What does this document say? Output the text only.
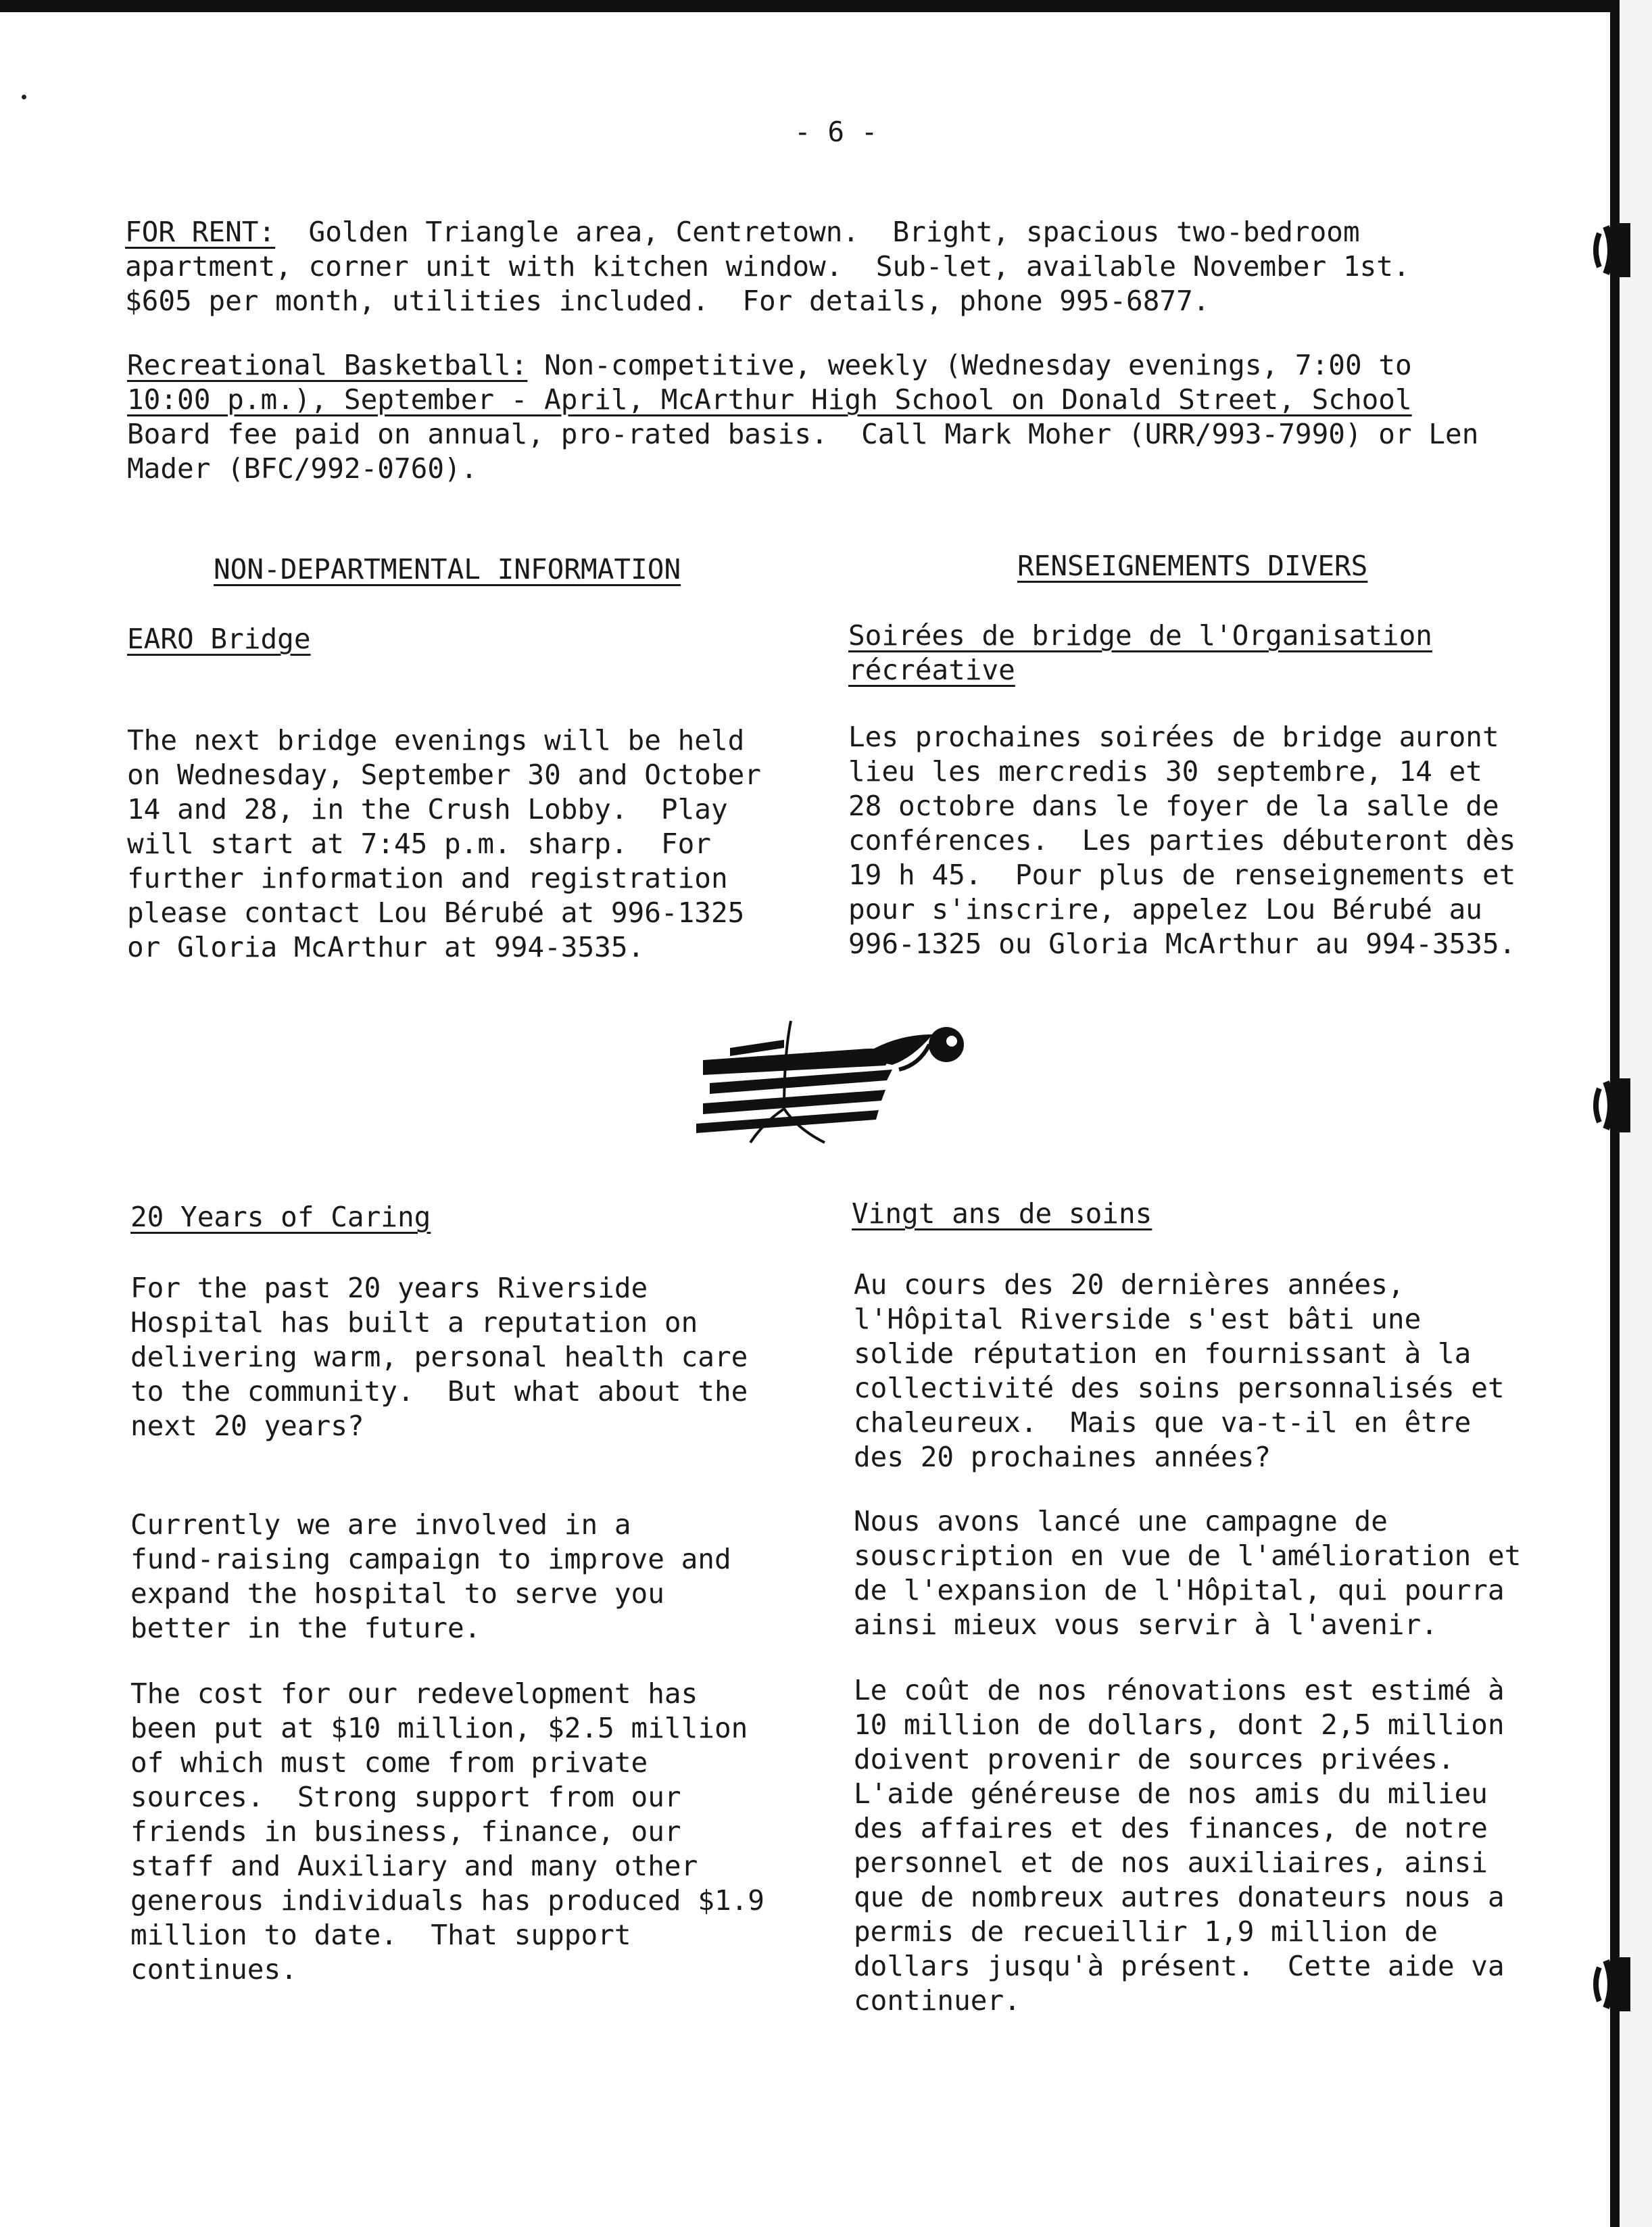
- 6 -
FOR RENT: Golden Triangle area, Centretown.  Bright, spacious two-bedroom
apartment, corner unit with kitchen window.  Sub-let, available November 1st.
$605 per month, utilities included.  For details, phone 995-6877.
Recreational Basketball: Non-competitive, weekly (Wednesday evenings, 7:00 to
10:00 p.m.), September - April, McArthur High School on Donald Street, School
Board fee paid on annual, pro-rated basis.  Call Mark Moher (URR/993-7990) or Len
Mader (BFC/992-0760).
NON-DEPARTMENTAL INFORMATION	RENSEIGNEMENTS DIVERS
EARO Bridge
The next bridge evenings will be held
on Wednesday, September 30 and October
14 and 28, in the Crush Lobby.  Play
will start at 7:45 p.m. sharp.  For
further information and registration
please contact Lou Bérubé at 996-1325
or Gloria McArthur at 994-3535.
Soirées de bridge de l'Organisation
récréative
Les prochaines soirées de bridge auront
lieu les mercredis 30 septembre, 14 et
28 octobre dans le foyer de la salle de
conférences.  Les parties débuteront dès
19 h 45.  Pour plus de renseignements et
pour s'inscrire, appelez Lou Bérubé au
996-1325 ou Gloria McArthur au 994-3535.
20 Years of Caring
For the past 20 years Riverside
Hospital has built a reputation on
delivering warm, personal health care
to the community.  But what about the
next 20 years?
Currently we are involved in a
fund-raising campaign to improve and
expand the hospital to serve you
better in the future.
The cost for our redevelopment has
been put at $10 million, $2.5 million
of which must come from private
sources.  Strong support from our
friends in business, finance, our
staff and Auxiliary and many other
generous individuals has produced $1.9
million to date.  That support
continues.
Vingt ans de soins
Au cours des 20 dernières années,
l'Hôpital Riverside s'est bâti une
solide réputation en fournissant à la
collectivité des soins personnalisés et
chaleureux.  Mais que va-t-il en être
des 20 prochaines années?
Nous avons lancé une campagne de
souscription en vue de l'amélioration et
de l'expansion de l'Hôpital, qui pourra
ainsi mieux vous servir à l'avenir.
Le coût de nos rénovations est estimé à
10 million de dollars, dont 2,5 million
doivent provenir de sources privées.
L'aide généreuse de nos amis du milieu
des affaires et des finances, de notre
personnel et de nos auxiliaires, ainsi
que de nombreux autres donateurs nous a
permis de recueillir 1,9 million de
dollars jusqu'à présent.  Cette aide va
continuer.
